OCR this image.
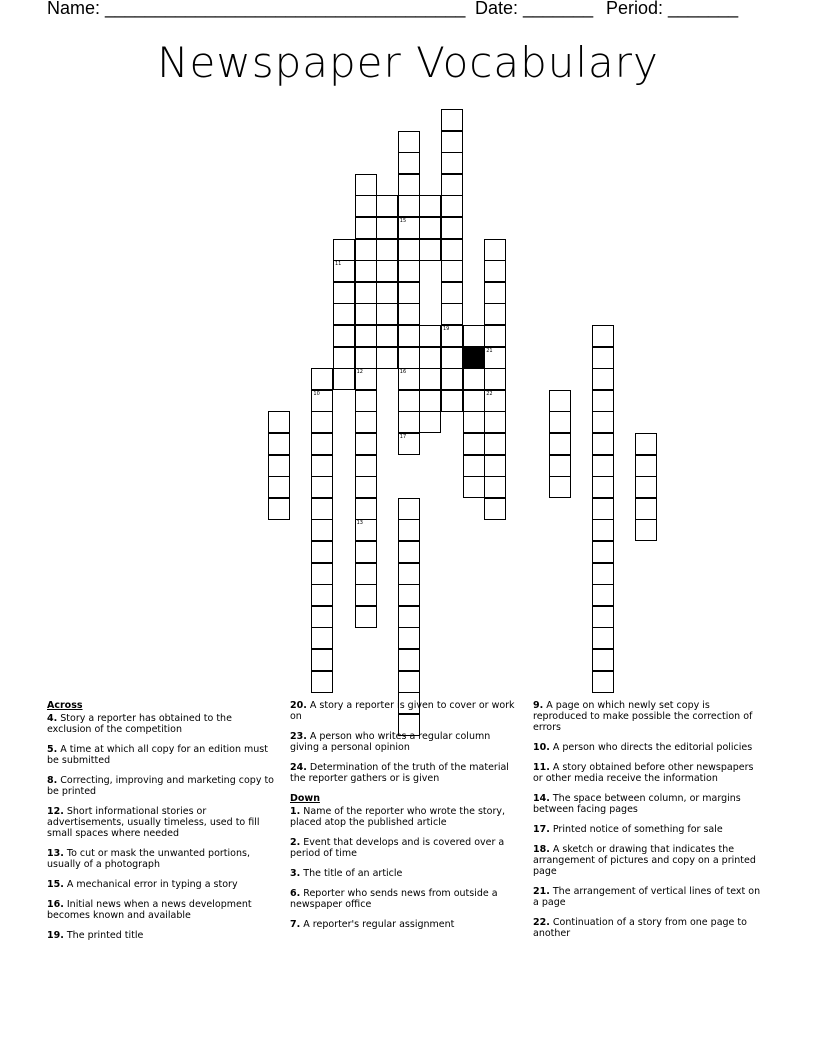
Name: ____________________________________ Date: _______ Period: _______
Newspaper Vocabulary
15
16
17
21
22
19
10
13
11
12
Across
4. Story a reporter has obtained to the exclusion of the competition
5. A time at which all copy for an edition must be submitted
8. Correcting, improving and marketing copy to be printed
12. Short informational stories or advertisements, usually timeless, used to fill small spaces where needed
13. To cut or mask the unwanted portions, usually of a photograph
15. A mechanical error in typing a story
16. Initial news when a news development becomes known and available
19. The printed title
20. A story a reporter is given to cover or work on
23. A person who writes a regular column giving a personal opinion
24. Determination of the truth of the material the reporter gathers or is given
Down
1. Name of the reporter who wrote the story, placed atop the published article
2. Event that develops and is covered over a period of time
3. The title of an article
6. Reporter who sends news from outside a newspaper office
7. A reporter's regular assignment
9. A page on which newly set copy is reproduced to make possible the correction of errors
10. A person who directs the editorial policies
11. A story obtained before other newspapers or other media receive the information
14. The space between column, or margins between facing pages
17. Printed notice of something for sale
18. A sketch or drawing that indicates the arrangement of pictures and copy on a printed page
21. The arrangement of vertical lines of text on a page
22. Continuation of a story from one page to another
